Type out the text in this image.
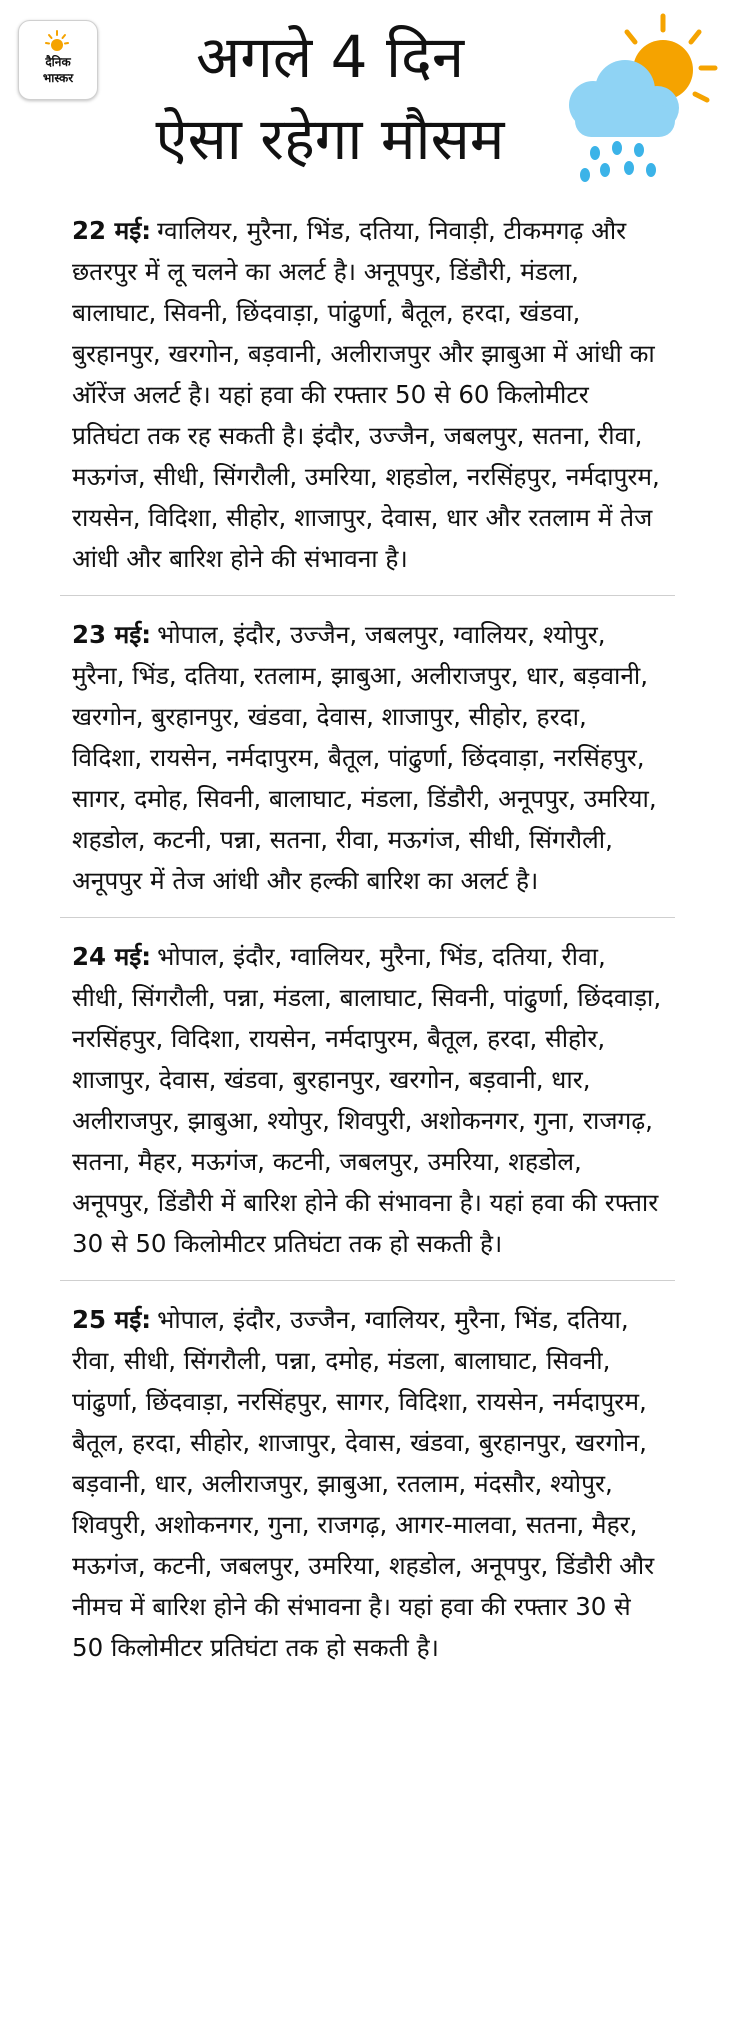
दैनिक
भास्कर	अगले 4 दिन
ऐसा रहेगा मौसम
22 मई: ग्वालियर, मुरैना, भिंड, दतिया, निवाड़ी, टीकमगढ़ और छतरपुर में लू चलने का अलर्ट है। अनूपपुर, डिंडौरी, मंडला, बालाघाट, सिवनी, छिंदवाड़ा, पांढुर्णा, बैतूल, हरदा, खंडवा, बुरहानपुर, खरगोन, बड़वानी, अलीराजपुर और झाबुआ में आंधी का ऑरेंज अलर्ट है। यहां हवा की रफ्तार 50 से 60 किलोमीटर प्रतिघंटा तक रह सकती है। इंदौर, उज्जैन, जबलपुर, सतना, रीवा, मऊगंज, सीधी, सिंगरौली, उमरिया, शहडोल, नरसिंहपुर, नर्मदापुरम, रायसेन, विदिशा, सीहोर, शाजापुर, देवास, धार और रतलाम में तेज आंधी और बारिश होने की संभावना है।
23 मई: भोपाल, इंदौर, उज्जैन, जबलपुर, ग्वालियर, श्योपुर, मुरैना, भिंड, दतिया, रतलाम, झाबुआ, अलीराजपुर, धार, बड़वानी, खरगोन, बुरहानपुर, खंडवा, देवास, शाजापुर, सीहोर, हरदा, विदिशा, रायसेन, नर्मदापुरम, बैतूल, पांढुर्णा, छिंदवाड़ा, नरसिंहपुर, सागर, दमोह, सिवनी, बालाघाट, मंडला, डिंडौरी, अनूपपुर, उमरिया, शहडोल, कटनी, पन्ना, सतना, रीवा, मऊगंज, सीधी, सिंगरौली, अनूपपुर में तेज आंधी और हल्की बारिश का अलर्ट है।
24 मई: भोपाल, इंदौर, ग्वालियर, मुरैना, भिंड, दतिया, रीवा, सीधी, सिंगरौली, पन्ना, मंडला, बालाघाट, सिवनी, पांढुर्णा, छिंदवाड़ा, नरसिंहपुर, विदिशा, रायसेन, नर्मदापुरम, बैतूल, हरदा, सीहोर, शाजापुर, देवास, खंडवा, बुरहानपुर, खरगोन, बड़वानी, धार, अलीराजपुर, झाबुआ, श्योपुर, शिवपुरी, अशोकनगर, गुना, राजगढ़, सतना, मैहर, मऊगंज, कटनी, जबलपुर, उमरिया, शहडोल, अनूपपुर, डिंडौरी में बारिश होने की संभावना है। यहां हवा की रफ्तार 30 से 50 किलोमीटर प्रतिघंटा तक हो सकती है।
25 मई: भोपाल, इंदौर, उज्जैन, ग्वालियर, मुरैना, भिंड, दतिया, रीवा, सीधी, सिंगरौली, पन्ना, दमोह, मंडला, बालाघाट, सिवनी, पांढुर्णा, छिंदवाड़ा, नरसिंहपुर, सागर, विदिशा, रायसेन, नर्मदापुरम, बैतूल, हरदा, सीहोर, शाजापुर, देवास, खंडवा, बुरहानपुर, खरगोन, बड़वानी, धार, अलीराजपुर, झाबुआ, रतलाम, मंदसौर, श्योपुर, शिवपुरी, अशोकनगर, गुना, राजगढ़, आगर-मालवा, सतना, मैहर, मऊगंज, कटनी, जबलपुर, उमरिया, शहडोल, अनूपपुर, डिंडौरी और नीमच में बारिश होने की संभावना है। यहां हवा की रफ्तार 30 से 50 किलोमीटर प्रतिघंटा तक हो सकती है।
